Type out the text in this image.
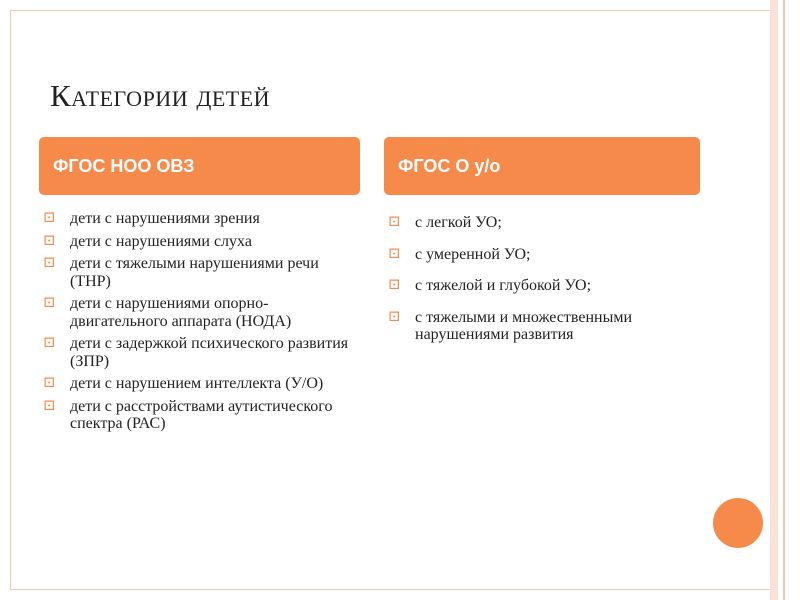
Категории детей
ФГОС НОО ОВЗ	ФГОС О у/о
⊡ дети с нарушениями зрения
⊡ дети с нарушениями слуха
⊡ дети с тяжелыми нарушениями речи (ТНР)
⊡ дети с нарушениями опорно-двигательного аппарата (НОДА)
⊡ дети с задержкой психического развития (ЗПР)
⊡ дети с нарушением интеллекта (У/О)
⊡ дети с расстройствами аутистического спектра (РАС)
⊡ с легкой УО;
⊡ с умеренной УО;
⊡ с тяжелой и глубокой УО;
⊡ с тяжелыми и множественными нарушениями развития
